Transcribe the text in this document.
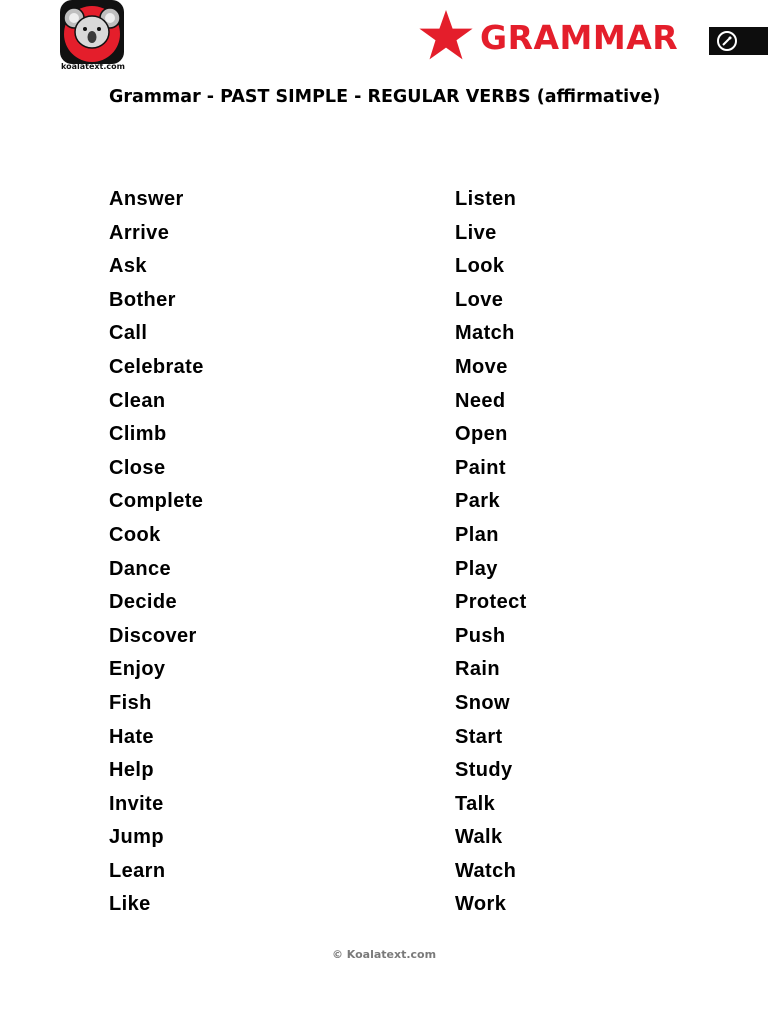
koalatext.com
GRAMMAR
Grammar - PAST SIMPLE - REGULAR VERBS (affirmative)
Answer
Arrive
Ask
Bother
Call
Celebrate
Clean
Climb
Close
Complete
Cook
Dance
Decide
Discover
Enjoy
Fish
Hate
Help
Invite
Jump
Learn
Like
Listen
Live
Look
Love
Match
Move
Need
Open
Paint
Park
Plan
Play
Protect
Push
Rain
Snow
Start
Study
Talk
Walk
Watch
Work
© Koalatext.com
